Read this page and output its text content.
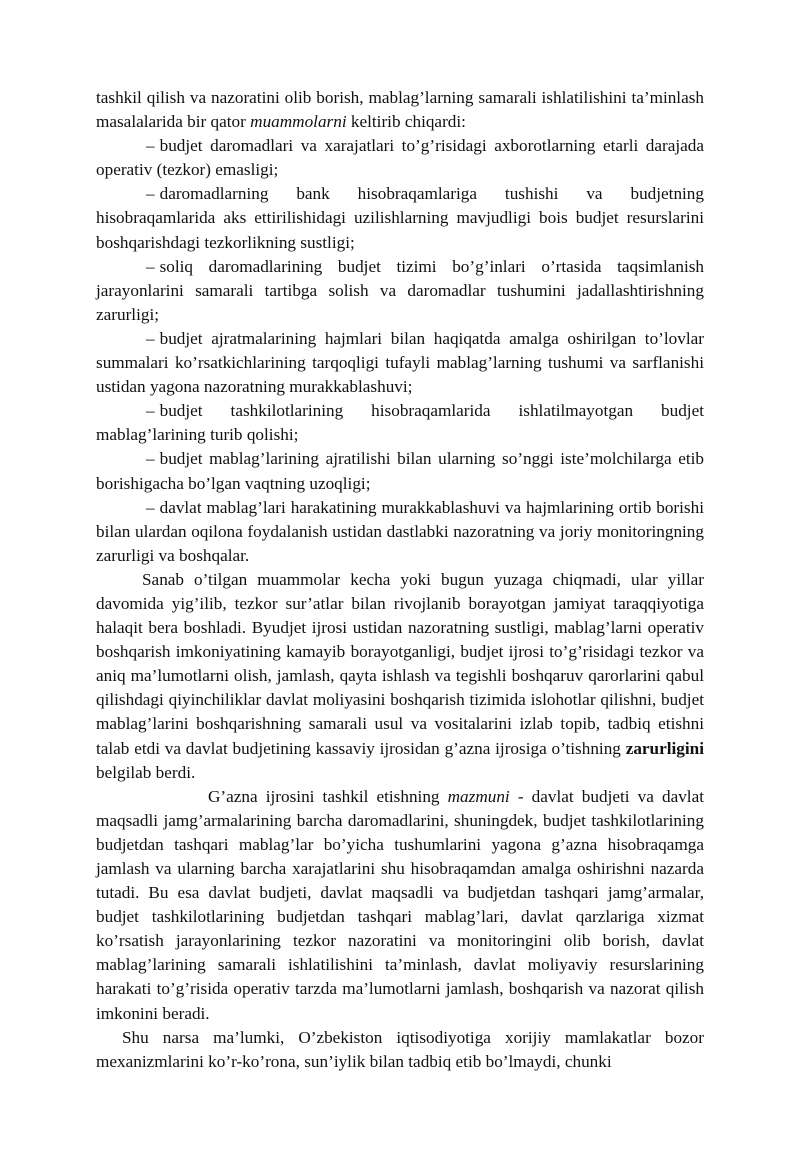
tashkil qilish va nazoratini olib borish, mablag’larning samarali ishlatilishini ta’minlash masalalarida bir qator muammolarni keltirib chiqardi:

– budjet daromadlari va xarajatlari to’g’risidagi axborotlarning etarli darajada operativ (tezkor) emasligi;

– daromadlarning bank hisobraqamlariga tushishi va budjetning hisobraqamlarida aks ettirilishidagi uzilishlarning mavjudligi bois budjet resurslarini boshqarishdagi tezkorlikning sustligi;

– soliq daromadlarining budjet tizimi bo’g’inlari o’rtasida taqsimlanish jarayonlarini samarali tartibga solish va daromadlar tushumini jadallashtirishning zarurligi;

– budjet ajratmalarining hajmlari bilan haqiqatda amalga oshirilgan to’lovlar summalari ko’rsatkichlarining tarqoqligi tufayli mablag’larning tushumi va sarflanishi ustidan yagona nazoratning murakkablashuvi;

– budjet tashkilotlarining hisobraqamlarida ishlatilmayotgan budjet mablag’larining turib qolishi;

– budjet mablag’larining ajratilishi bilan ularning so’nggi iste’molchilarga etib borishigacha bo’lgan vaqtning uzoqligi;

– davlat mablag’lari harakatining murakkablashuvi va hajmlarining ortib borishi bilan ulardan oqilona foydalanish ustidan dastlabki nazoratning va joriy monitoringning zarurligi va boshqalar.

Sanab o’tilgan muammolar kecha yoki bugun yuzaga chiqmadi, ular yillar davomida yig’ilib, tezkor sur’atlar bilan rivojlanib borayotgan jamiyat taraqqiyotiga halaqit bera boshladi. Byudjet ijrosi ustidan nazoratning sustligi, mablag’larni operativ boshqarish imkoniyatining kamayib borayotganligi, budjet ijrosi to’g’risidagi tezkor va aniq ma’lumotlarni olish, jamlash, qayta ishlash va tegishli boshqaruv qarorlarini qabul qilishdagi qiyinchiliklar davlat moliyasini boshqarish tizimida islohotlar qilishni, budjet mablag’larini boshqarishning samarali usul va vositalarini izlab topib, tadbiq etishni talab etdi va davlat budjetining kassaviy ijrosidan g’azna ijrosiga o’tishning zarurligini belgilab berdi.

G’azna ijrosini tashkil etishning mazmuni - davlat budjeti va davlat maqsadli jamg’armalarining barcha daromadlarini, shuningdek, budjet tashkilotlarining budjetdan tashqari mablag’lar bo’yicha tushumlarini yagona g’azna hisobraqamga jamlash va ularning barcha xarajatlarini shu hisobraqamdan amalga oshirishni nazarda tutadi. Bu esa davlat budjeti, davlat maqsadli va budjetdan tashqari jamg’armalar, budjet tashkilotlarining budjetdan tashqari mablag’lari, davlat qarzlariga xizmat ko’rsatish jarayonlarining tezkor nazoratini va monitoringini olib borish, davlat mablag’larining samarali ishlatilishini ta’minlash, davlat moliyaviy resurslarining harakati to’g’risida operativ tarzda ma’lumotlarni jamlash, boshqarish va nazorat qilish imkonini beradi.

Shu narsa ma’lumki, O’zbekiston iqtisodiyotiga xorijiy mamlakatlar bozor mexanizmlarini ko’r-ko’rona, sun’iylik bilan tadbiq etib bo’lmaydi, chunki
